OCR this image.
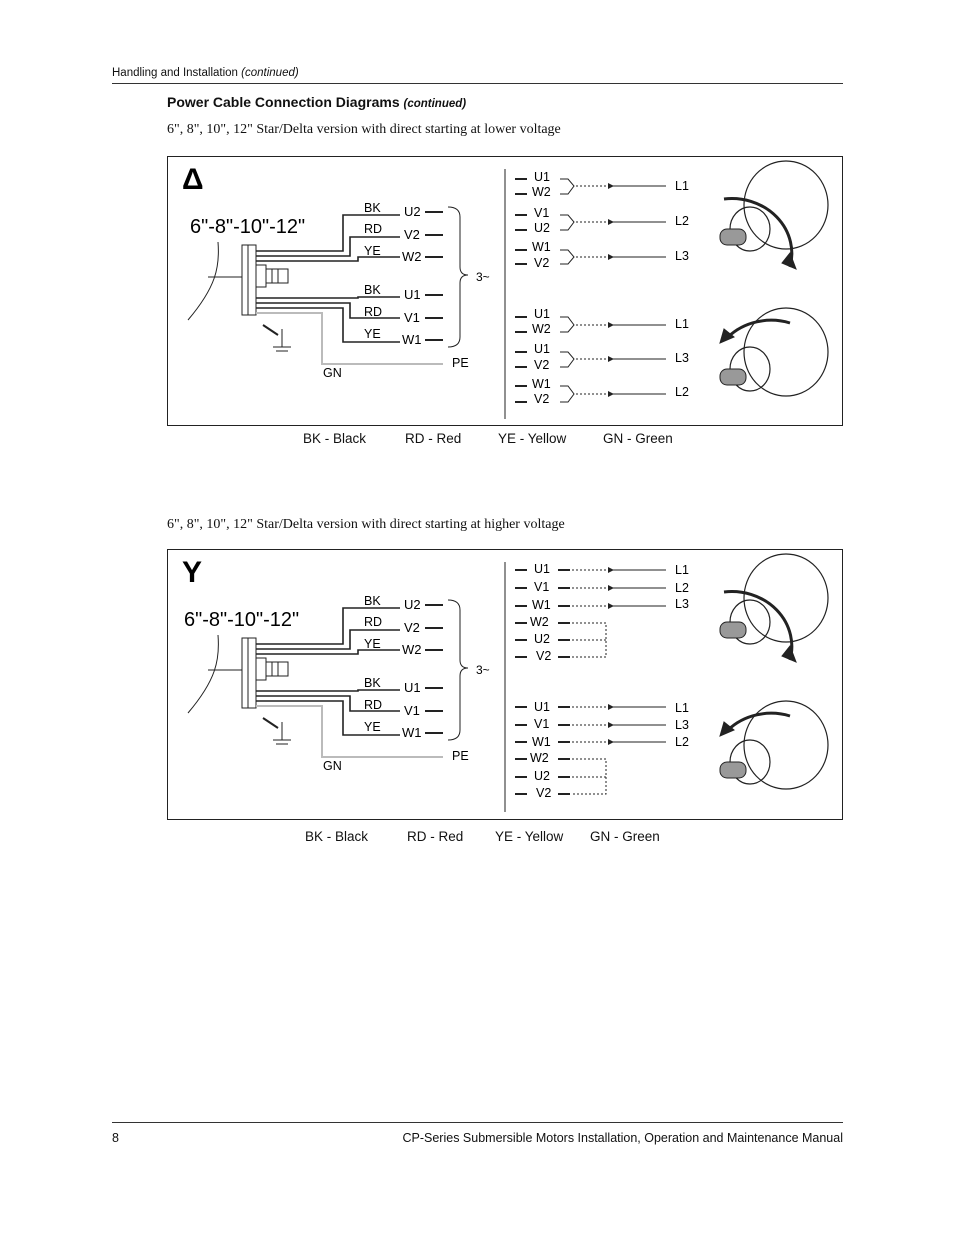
Handling and Installation (continued)
Power Cable Connection Diagrams (continued)
6", 8", 10", 12" Star/Delta version with direct starting at lower voltage
Δ
6"-8"-10"-12"
BK
RD
YE
BK
RD
YE
GN
PE
U2
V2
W2
U1
V1
W1
3~
U1
W2
V1
U2
W1
V2
L1
L2
L3
U1
W2
U1
V2
W1
V2
L1
L3
L2
BK - Black	RD - Red	YE - Yellow	GN - Green
6", 8", 10", 12" Star/Delta version with direct starting at higher voltage
Y
6"-8"-10"-12"
BK
RD
YE
BK
RD
YE
GN
PE
U2
V2
W2
U1
V1
W1
3~
U1
V1
W1
W2
U2
V2
L1
L2
L3
U1
V1
W1
W2
U2
V2
L1
L3
L2
BK - Black	RD - Red YE - Yellow GN - Green
8	CP-Series Submersible Motors Installation, Operation and Maintenance Manual
